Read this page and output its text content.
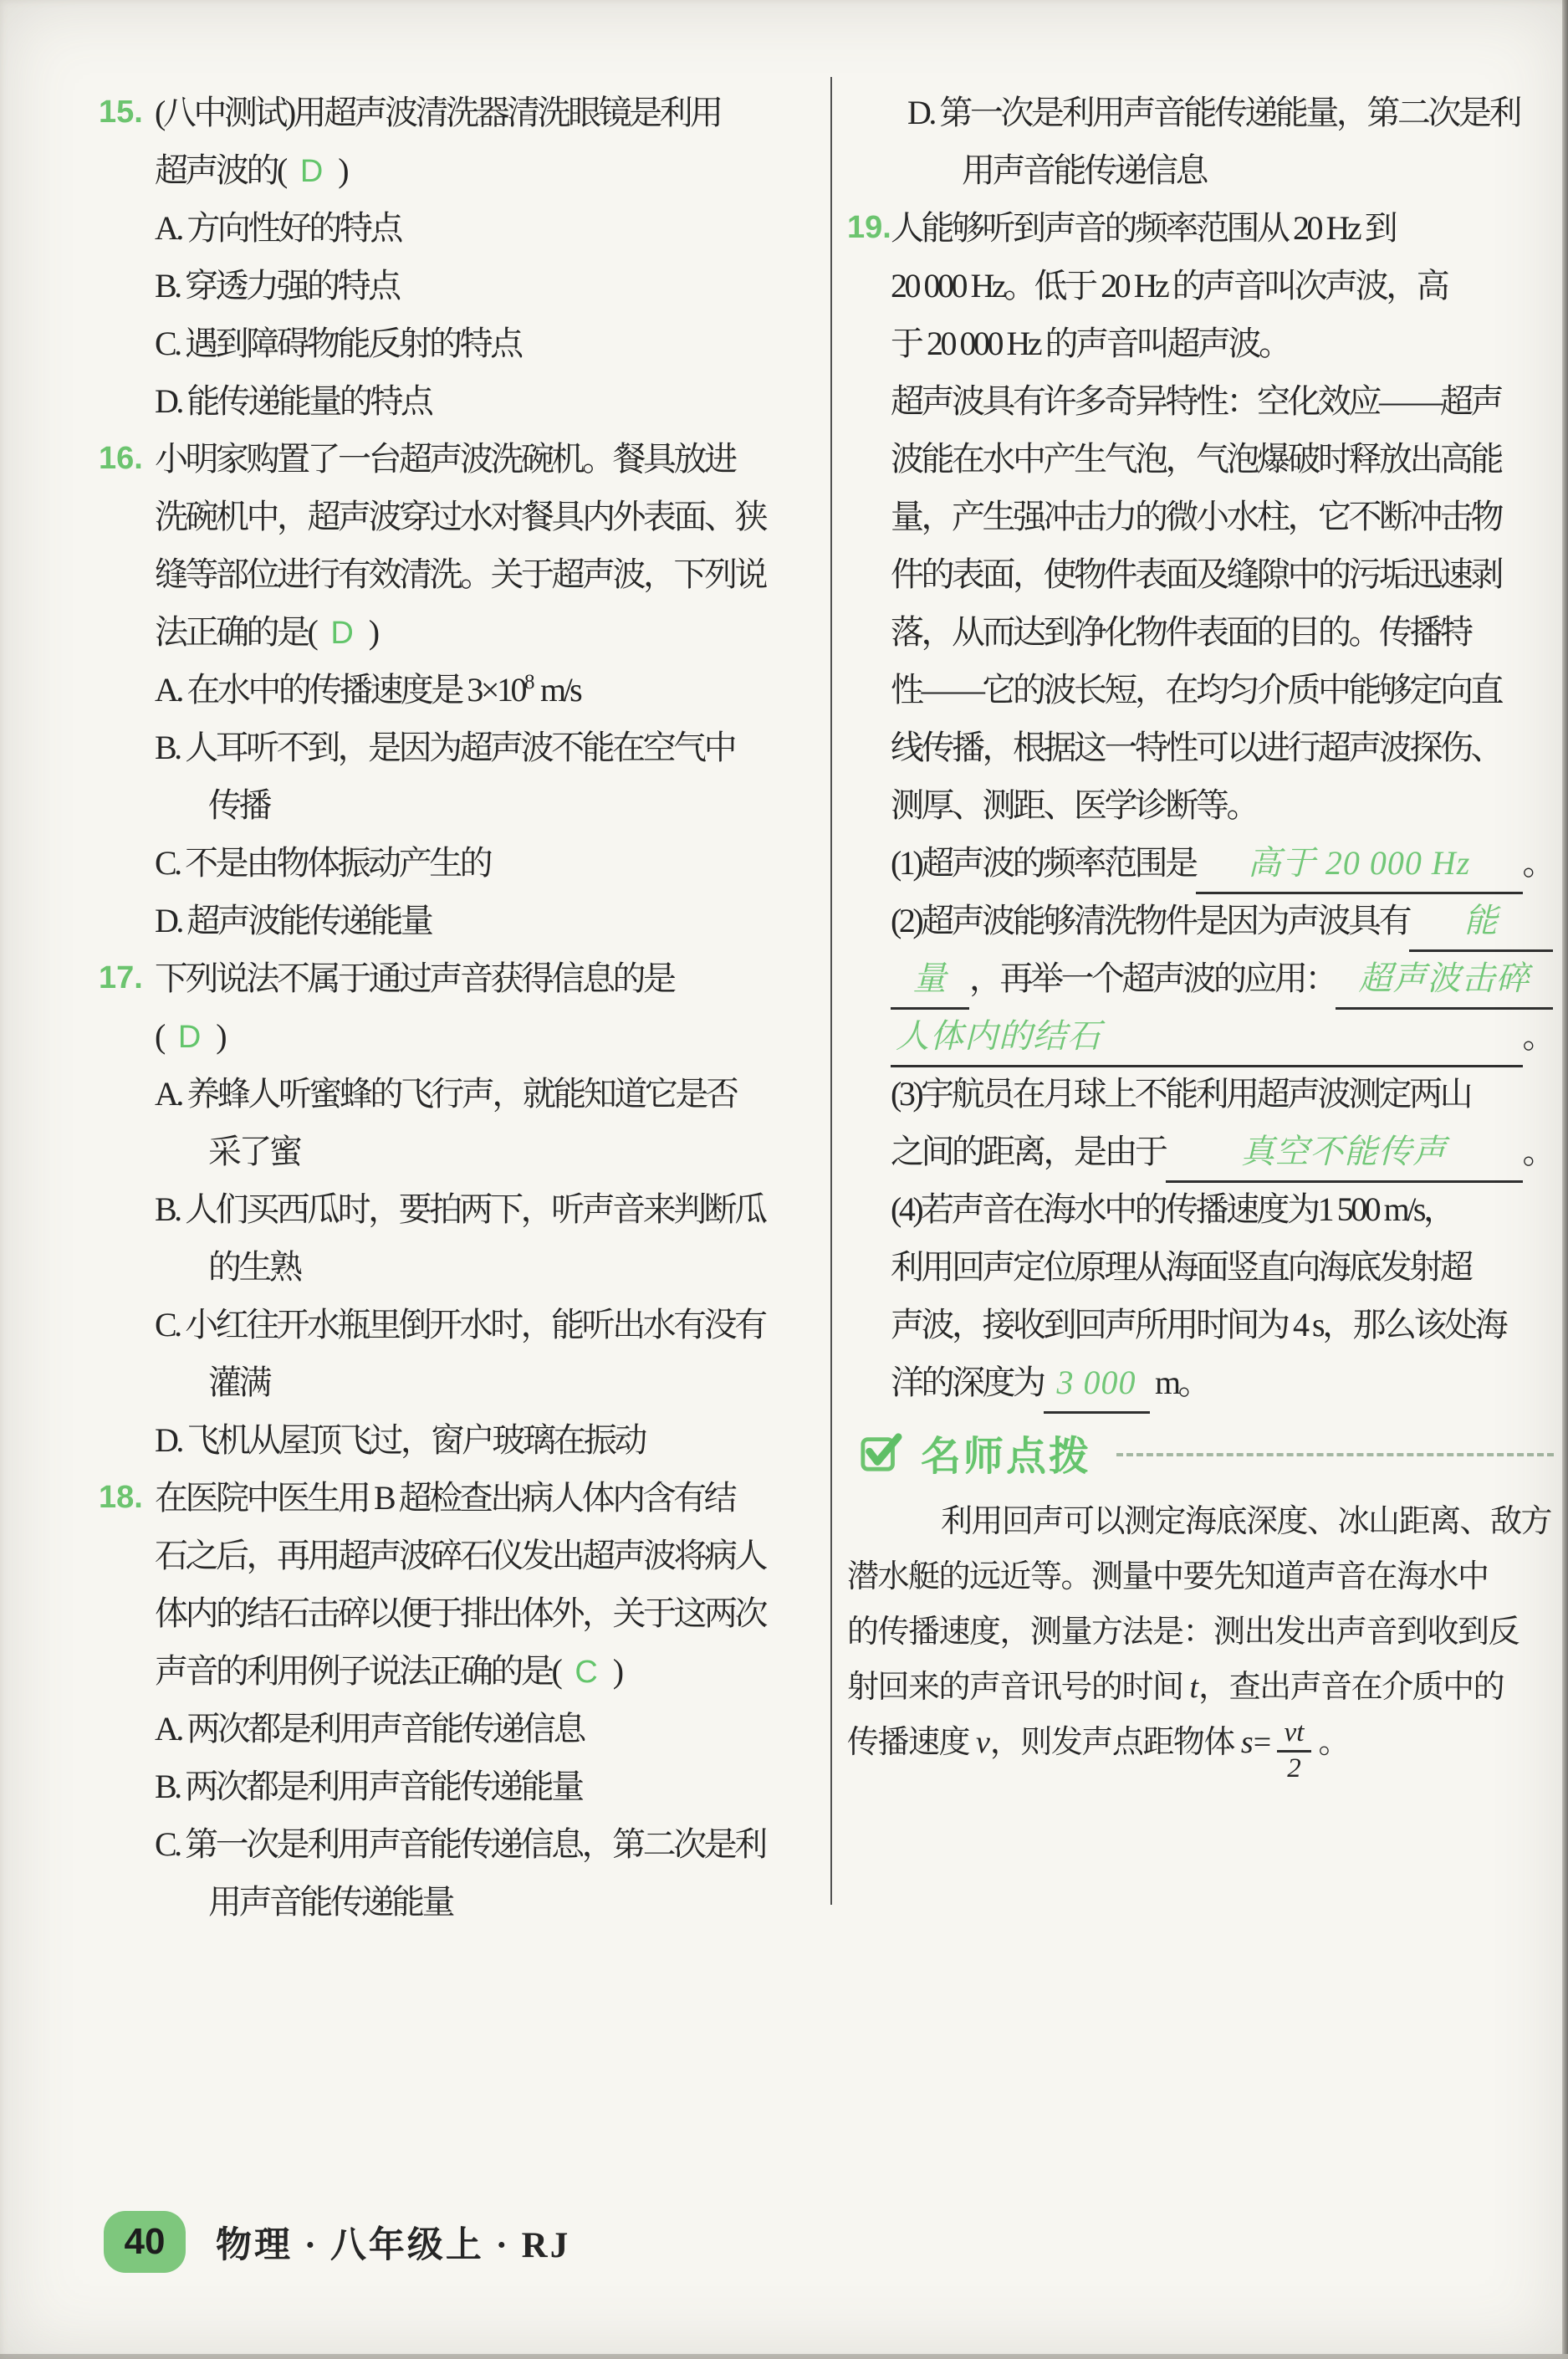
15. (八中测试)用超声波清洗器清洗眼镜是利用
超声波的( D )
A. 方向性好的特点
B. 穿透力强的特点
C. 遇到障碍物能反射的特点
D. 能传递能量的特点
16. 小明家购置了一台超声波洗碗机。餐具放进
洗碗机中，超声波穿过水对餐具内外表面、狭
缝等部位进行有效清洗。关于超声波，下列说
法正确的是( D )
A. 在水中的传播速度是 3×10 8 m/s
B. 人耳听不到，是因为超声波不能在空气中
传播
C. 不是由物体振动产生的
D. 超声波能传递能量
17. 下列说法不属于通过声音获得信息的是
( D )
A. 养蜂人听蜜蜂的飞行声，就能知道它是否
采了蜜
B. 人们买西瓜时，要拍两下，听声音来判断瓜
的生熟
C. 小红往开水瓶里倒开水时，能听出水有没有
灌满
D. 飞机从屋顶飞过，窗户玻璃在振动
18. 在医院中医生用 B 超检查出病人体内含有结
石之后，再用超声波碎石仪发出超声波将病人
体内的结石击碎以便于排出体外，关于这两次
声音的利用例子说法正确的是( C )
A. 两次都是利用声音能传递信息
B. 两次都是利用声音能传递能量
C. 第一次是利用声音能传递信息，第二次是利
用声音能传递能量
D. 第一次是利用声音能传递能量，第二次是利
用声音能传递信息
19. 人能够听到声音的频率范围从 20 Hz 到
20 000 Hz。低于 20 Hz 的声音叫次声波，高
于 20 000 Hz 的声音叫超声波。
超声波具有许多奇异特性：空化效应——超声
波能在水中产生气泡，气泡爆破时释放出高能
量，产生强冲击力的微小水柱，它不断冲击物
件的表面，使物件表面及缝隙中的污垢迅速剥
落，从而达到净化物件表面的目的。传播特
性——它的波长短，在均匀介质中能够定向直
线传播，根据这一特性可以进行超声波探伤、
测厚、测距、医学诊断等。
(1)超声波的频率范围是	高于 20 000 Hz	。
(2)超声波能够清洗物件是因为声波具有	能
量 ，再举一个超声波的应用： 超声波击碎
人体内的结石	。
(3)宇航员在月球上不能利用超声波测定两山
之间的距离，是由于	真空不能传声	。
(4)若声音在海水中的传播速度为1 500 m/s，
利用回声定位原理从海面竖直向海底发射超
声波，接收到回声所用时间为 4 s，那么该处海
洋的深度为 3 000 m。
名师点拨
利用回声可以测定海底深度、冰山距离、敌方
潜水艇的远近等。测量中要先知道声音在海水中
的传播速度，测量方法是：测出发出声音到收到反
射回来的声音讯号的时间 t ，查出声音在介质中的
传播速度 v ，则发声点距物体 $s = \frac{vt}{2}$ 。
40	物理 · 八年级上 · RJ
